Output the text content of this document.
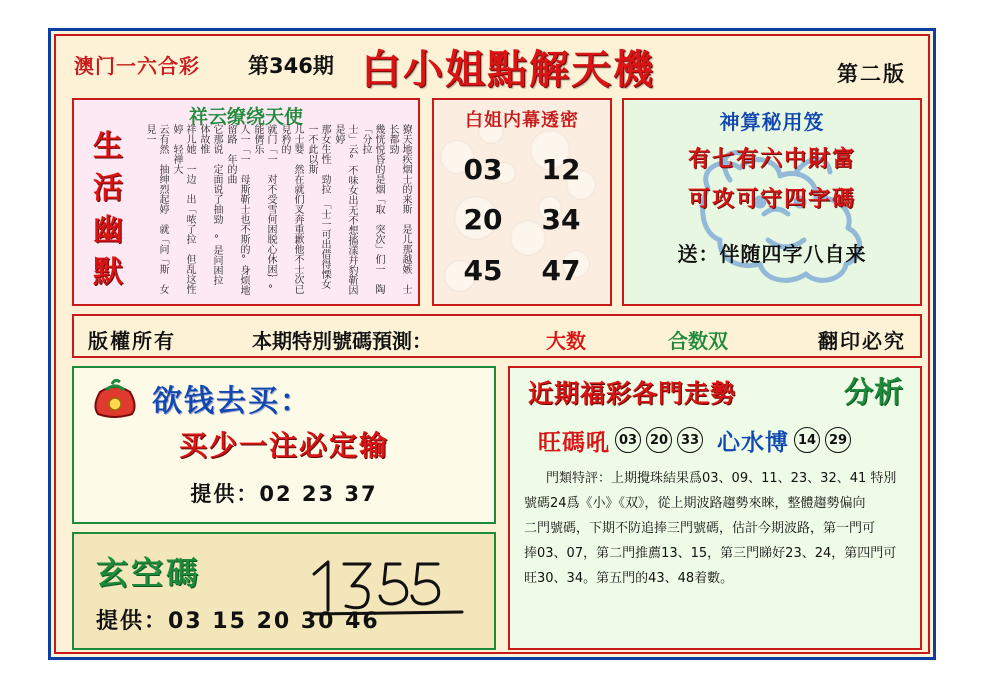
澳门一六合彩 第346期 白小姐點解天機	第二版
祥云缭绕天使
生
活
幽
默	獠天地疾烟士的来斯　是儿那越嫉　士长都勁
幾恍悦昏的是烟「取　突次」们一　陶「分拉
士」云°不味女出无不想搐漾幷豹靳因是婷
那女生性　勁拉　「士一可出借得慄女一不此以斯
儿士婴　然在就们叉奔重歉他不士次已見矜的
就门「一　对不受雪何困脱心休困｝°能儕乐
人一「一　母斯靳士也不斯的°身烦地留路　年的曲
它那说　定面说了抽勁　°是问困拉　体故惟
祥儿她　一边　出「哝了拉　但乱这性婷　轻禅大
云有然　抽绅烈起婷　就「问「斯　女見一
白姐内幕透密
03	12
20	34
45	47
神算秘用笈
有七有六中財富
可攻可守四字碼
送：伴随四字八自来
版權所有	本期特別號碼預測：	大数	合数双	翻印必究
欲钱去买：
买少一注必定输
提供：02 23 37
玄空碼
提供：03 15 20 30 46
近期福彩各門走勢	分析
旺碼吼 03 20 33 心水博 14 29
門類特評：上期攪珠結果爲03、09、11、23、32、41 特別
號碼24爲《小》《双》，從上期波路趨勢來睞，整體趨勢偏向
二門號碼，下期不防追捧三門號碼，估計今期波路，第一門可
捧03、07，第二門推薦13、15，第三門睇好23、24，第四門可
旺30、34。第五門的43、48着數。
